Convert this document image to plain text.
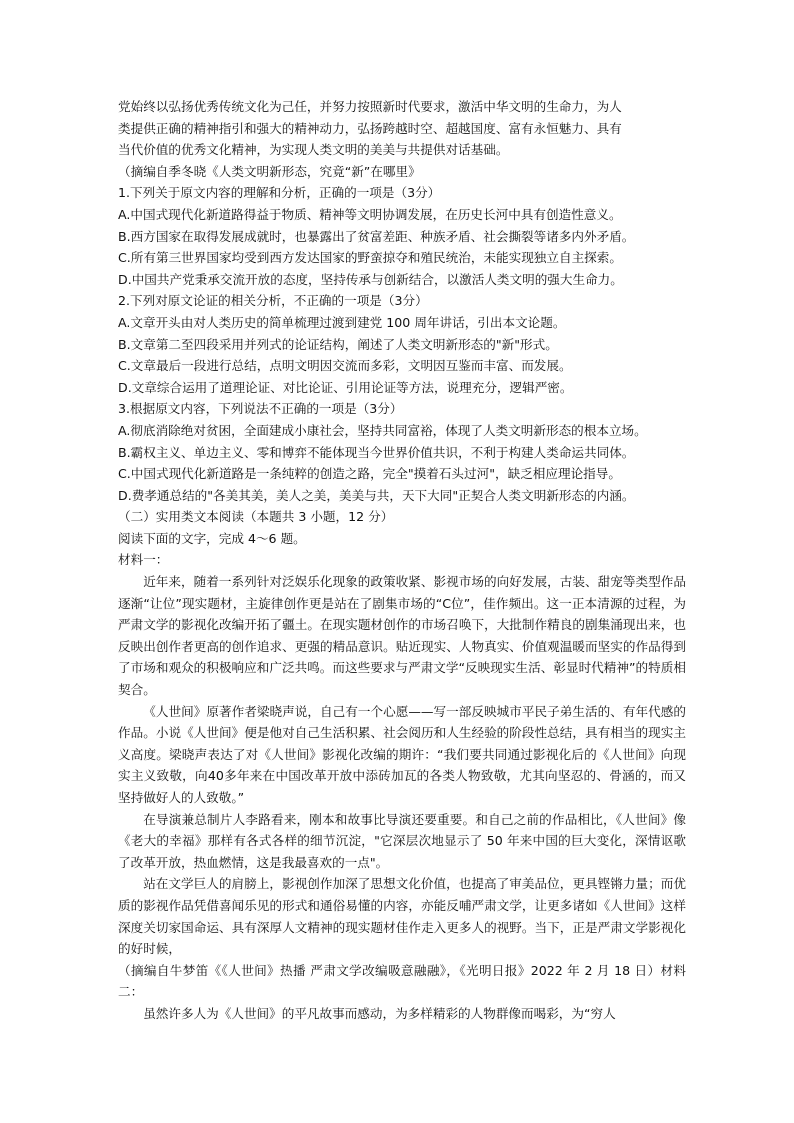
党始终以弘扬优秀传统文化为己任，并努力按照新时代要求，激活中华文明的生命力，为人

类提供正确的精神指引和强大的精神动力，弘扬跨越时空、超越国度、富有永恒魅力、具有

当代价值的优秀文化精神，为实现人类文明的美美与共提供对话基础。

（摘编自季冬晓《人类文明新形态，究竟“新”在哪里》

1.下列关于原文内容的理解和分析，正确的一项是（3分）

A.中国式现代化新道路得益于物质、精神等文明协调发展，在历史长河中具有创造性意义。

B.西方国家在取得发展成就时，也暴露出了贫富差距、种族矛盾、社会撕裂等诸多内外矛盾。

C.所有第三世界国家均受到西方发达国家的野蛮掠夺和殖民统治，未能实现独立自主探索。

D.中国共产党秉承交流开放的态度，坚持传承与创新结合，以激活人类文明的强大生命力。

2.下列对原文论证的相关分析，不正确的一项是（3分）

A.文章开头由对人类历史的简单梳理过渡到建党 100 周年讲话，引出本文论题。

B.文章第二至四段采用并列式的论证结构，阐述了人类文明新形态的"新"形式。

C.文章最后一段进行总结，点明文明因交流而多彩，文明因互鉴而丰富、而发展。

D.文章综合运用了道理论证、对比论证、引用论证等方法，说理充分，逻辑严密。

3.根据原文内容，下列说法不正确的一项是（3分）

A.彻底消除绝对贫困，全面建成小康社会，坚持共同富裕，体现了人类文明新形态的根本立场。

B.霸权主义、单边主义、零和博弈不能体现当今世界价值共识，不利于构建人类命运共同体。

C.中国式现代化新道路是一条纯粹的创造之路，完全"摸着石头过河"，缺乏相应理论指导。

D.费孝通总结的"各美其美，美人之美，美美与共，天下大同"正契合人类文明新形态的内涵。

（二）实用类文本阅读（本题共 3 小题，12 分）

阅读下面的文字，完成 4～6 题。

材料一：

近年来，随着一系列针对泛娱乐化现象的政策收紧、影视市场的向好发展，古装、甜宠等类型作品逐渐“让位”现实题材，主旋律创作更是站在了剧集市场的“C位”，佳作频出。这一正本清源的过程，为严肃文学的影视化改编开拓了疆土。在现实题材创作的市场召唤下，大批制作精良的剧集涌现出来，也反映出创作者更高的创作追求、更强的精品意识。贴近现实、人物真实、价值观温暖而坚实的作品得到了市场和观众的积极响应和广泛共鸣。而这些要求与严肃文学“反映现实生活、彰显时代精神”的特质相契合。

《人世间》原著作者梁晓声说，自己有一个心愿——写一部反映城市平民子弟生活的、有年代感的作品。小说《人世间》便是他对自己生活积累、社会阅历和人生经验的阶段性总结，具有相当的现实主义高度。梁晓声表达了对《人世间》影视化改编的期许：“我们要共同通过影视化后的《人世间》向现实主义致敬，向40多年来在中国改革开放中添砖加瓦的各类人物致敬，尤其向坚忍的、骨涵的，而又坚持做好人的人致敬。”

在导演兼总制片人李路看来，刚本和故事比导演还要重要。和自己之前的作品相比，《人世间》像《老大的幸福》那样有各式各样的细节沉淀，"它深层次地显示了 50 年来中国的巨大变化，深情讴歌了改革开放，热血燃情，这是我最喜欢的一点"。

站在文学巨人的肩膀上，影视创作加深了思想文化价值，也提高了审美品位，更具铿锵力量；而优质的影视作品凭借喜闻乐见的形式和通俗易懂的内容，亦能反哺严肃文学，让更多诸如《人世间》这样深度关切家国命运、具有深厚人文精神的现实题材佳作走入更多人的视野。当下，正是严肃文学影视化的好时候，

（摘编自牛梦笛《《人世间》热播 严肃文学改编吸意融融》，《光明日报》2022 年 2 月 18 日）材料二：

虽然许多人为《人世间》的平凡故事而感动，为多样精彩的人物群像而喝彩，为“穷人
